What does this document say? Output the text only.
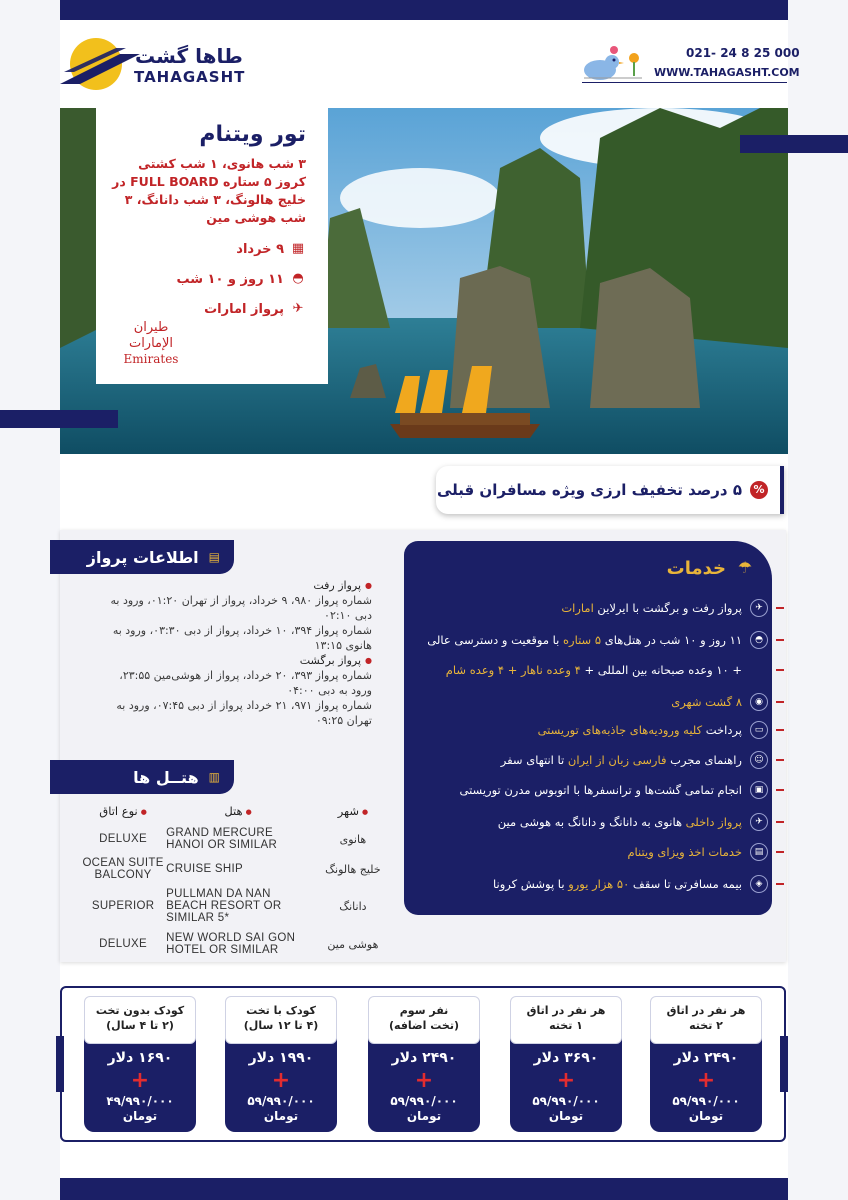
طاها گشت
TAHAGASHT
021- 24 8 25 000
WWW.TAHAGASHT.COM
تور ویتنام
۳ شب هانوی، ۱ شب کشتی کروز ۵ ستاره FULL BOARD در خلیج هالونگ، ۳ شب دانانگ، ۳ شب هوشی مین
▦
۹ خرداد
◓
۱۱ روز و ۱۰ شب
✈
پرواز امارات
طيران الإمارات
Emirates
%
۵ درصد تخفیف ارزی ویژه مسافران قبلی
▤
اطلاعات پرواز
● پرواز رفت
شماره پرواز ۹۸۰، ۹ خرداد، پرواز از تهران ۰۱:۲۰، ورود به دبی ۰۲:۱۰
شماره پرواز ۳۹۴، ۱۰ خرداد، پرواز از دبی ۰۳:۳۰، ورود به هانوی ۱۳:۱۵
● پرواز برگشت
شماره پرواز ۳۹۳، ۲۰ خرداد، پرواز از هوشی‌مین ۲۳:۵۵، ورود به دبی ۰۴:۰۰
شماره پرواز ۹۷۱، ۲۱ خرداد پرواز از دبی ۰۷:۴۵، ورود به تهران ۰۹:۲۵
▥
هتــل ها
● شهر
● هتل
● نوع اتاق
هانوی
GRAND MERCURE HANOI OR SIMILAR
DELUXE
خلیج هالونگ
CRUISE SHIP
OCEAN SUITE BALCONY
دانانگ
PULLMAN DA NAN BEACH RESORT OR SIMILAR 5*
SUPERIOR
هوشی مین
NEW WORLD SAI GON HOTEL OR SIMILAR
DELUXE
☂
خدمات
✈
پرواز رفت و برگشت با ایرلاین امارات
◓
۱۱ روز و ۱۰ شب در هتل‌های ۵ ستاره با موقعیت و دسترسی عالی
+ ۱۰ وعده صبحانه بین المللی + ۴ وعده ناهار + ۴ وعده شام
◉
۸ گشت شهری
▭
پرداخت کلیه ورودیه‌های جاذبه‌های توریستی
☺
راهنمای مجرب فارسی زبان از ایران تا انتهای سفر
▣
انجام تمامی گشت‌ها و ترانسفرها با اتوبوس مدرن توریستی
✈
پرواز داخلی هانوی به دانانگ و دانانگ به هوشی مین
▤
خدمات اخذ ویزای ویتنام
◈
بیمه مسافرتی تا سقف ۵۰ هزار یورو با پوشش کرونا
۲۴۹۰ دلار
+
۵۹/۹۹۰/۰۰۰
تومان
هر نفر در اتاق
۲ تخته
۳۶۹۰ دلار
+
۵۹/۹۹۰/۰۰۰
تومان
هر نفر در اتاق
۱ تخته
۲۴۹۰ دلار
+
۵۹/۹۹۰/۰۰۰
تومان
نفر سوم
(تخت اضافه)
۱۹۹۰ دلار
+
۵۹/۹۹۰/۰۰۰
تومان
کودک با تخت
(۴ تا ۱۲ سال)
۱۶۹۰ دلار
+
۴۹/۹۹۰/۰۰۰
تومان
کودک بدون تخت
(۲ تا ۴ سال)
